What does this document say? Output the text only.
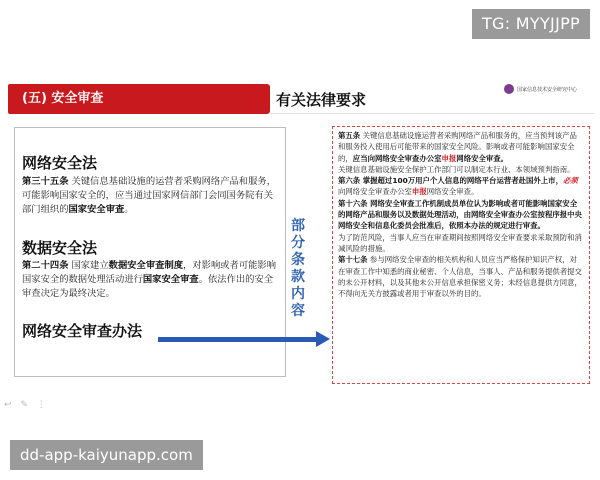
TG: MYYJJPP
(五) 安全审查	有关法律要求
国家信息技术安全研究中心
网络安全法
第三十五条 关键信息基础设施的运营者采购网络产品和服务，可能影响国家安全的，应当通过国家网信部门会同国务院有关部门组织的国家安全审查。
数据安全法
第二十四条 国家建立数据安全审查制度，对影响或者可能影响国家安全的数据处理活动进行国家安全审查。依法作出的安全审查决定为最终决定。
网络安全审查办法
部
分
条
款
内
容

第五条 关键信息基础设施运营者采购网络产品和服务的，应当预判该产品和服务投入使用后可能带来的国家安全风险。影响或者可能影响国家安全的，应当向网络安全审查办公室申报网络安全审查。

关键信息基础设施安全保护工作部门可以制定本行业、本领域预判指南。

第六条 掌握超过100万用户个人信息的网络平台运营者赴国外上市，必须向网络安全审查办公室申报网络安全审查。

第十六条 网络安全审查工作机制成员单位认为影响或者可能影响国家安全的网络产品和服务以及数据处理活动，由网络安全审查办公室按程序报中央网络安全和信息化委员会批准后，依照本办法的规定进行审查。

为了防范风险，当事人应当在审查期间按照网络安全审查要求采取预防和消减风险的措施。

第十七条 参与网络安全审查的相关机构和人员应当严格保护知识产权，对在审查工作中知悉的商业秘密、个人信息，当事人、产品和服务提供者提交的未公开材料，以及其他未公开信息承担保密义务；未经信息提供方同意，不得向无关方披露或者用于审查以外的目的。

↩ ✎ ⋮
dd-app-kaiyunapp.com
